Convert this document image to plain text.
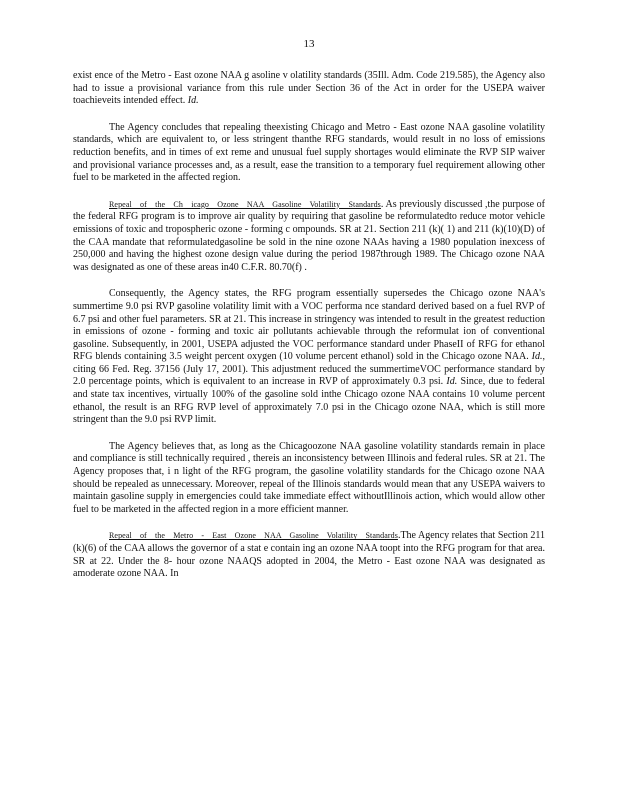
13

exist ence of the Metro - East ozone NAA g asoline v olatility standards (35Ill. Adm. Code 219.585), the Agency also had to issue a provisional variance from this rule under Section 36 of the Act in order for the USEPA waiver toachieveits intended effect. Id.

The Agency concludes that repealing theexisting Chicago and Metro - East ozone NAA gasoline volatility standards, which are equivalent to, or less stringent thanthe RFG standards, would result in no loss of emissions reduction benefits, and in times of ext reme and unusual fuel supply shortages would eliminate the RVP SIP waiver and provisional variance processes and, as a result, ease the transition to a temporary fuel requirement allowing other fuel to be marketed in the affected region.

Repeal of the Ch icago Ozone NAA Gasoline Volatility Standards. As previously discussed ,the purpose of the federal RFG program is to improve air quality by requiring that gasoline be reformulatedto reduce motor vehicle emissions of toxic and tropospheric ozone - forming c ompounds. SR at 21. Section 211 (k)( 1) and 211 (k)(10)(D) of the CAA mandate that reformulatedgasoline be sold in the nine ozone NAAs having a 1980 population inexcess of 250,000 and having the highest ozone design value during the period 1987through 1989. The Chicago ozone NAA was designated as one of these areas in40 C.F.R. 80.70(f) .

Consequently, the Agency states, the RFG program essentially supersedes the Chicago ozone NAA's summertime 9.0 psi RVP gasoline volatility limit with a VOC performa nce standard derived based on a fuel RVP of 6.7 psi and other fuel parameters. SR at 21. This increase in stringency was intended to result in the greatest reduction in emissions of ozone - forming and toxic air pollutants achievable through the reformulat ion of conventional gasoline. Subsequently, in 2001, USEPA adjusted the VOC performance standard under PhaseII of RFG for ethanol RFG blends containing 3.5 weight percent oxygen (10 volume percent ethanol) sold in the Chicago ozone NAA. Id., citing 66 Fed. Reg. 37156 (July 17, 2001). This adjustment reduced the summertimeVOC performance standard by 2.0 percentage points, which is equivalent to an increase in RVP of approximately 0.3 psi. Id. Since, due to federal and state tax incentives, virtually 100% of the gasoline sold inthe Chicago ozone NAA contains 10 volume percent ethanol, the result is an RFG RVP level of approximately 7.0 psi in the Chicago ozone NAA, which is still more stringent than the 9.0 psi RVP limit.

The Agency believes that, as long as the Chicagoozone NAA gasoline volatility standards remain in place and compliance is still technically required , thereis an inconsistency between Illinois and federal rules. SR at 21. The Agency proposes that, i n light of the RFG program, the gasoline volatility standards for the Chicago ozone NAA should be repealed as unnecessary. Moreover, repeal of the Illinois standards would mean that any USEPA waivers to maintain gasoline supply in emergencies could take immediate effect withoutIllinois action, which would allow other fuel to be marketed in the affected region in a more efficient manner.

Repeal of the Metro - East Ozone NAA Gasoline Volatility Standards.The Agency relates that Section 211 (k)(6) of the CAA allows the governor of a stat e contain ing an ozone NAA toopt into the RFG program for that area. SR at 22. Under the 8- hour ozone NAAQS adopted in 2004, the Metro - East ozone NAA was designated as amoderate ozone NAA. In
